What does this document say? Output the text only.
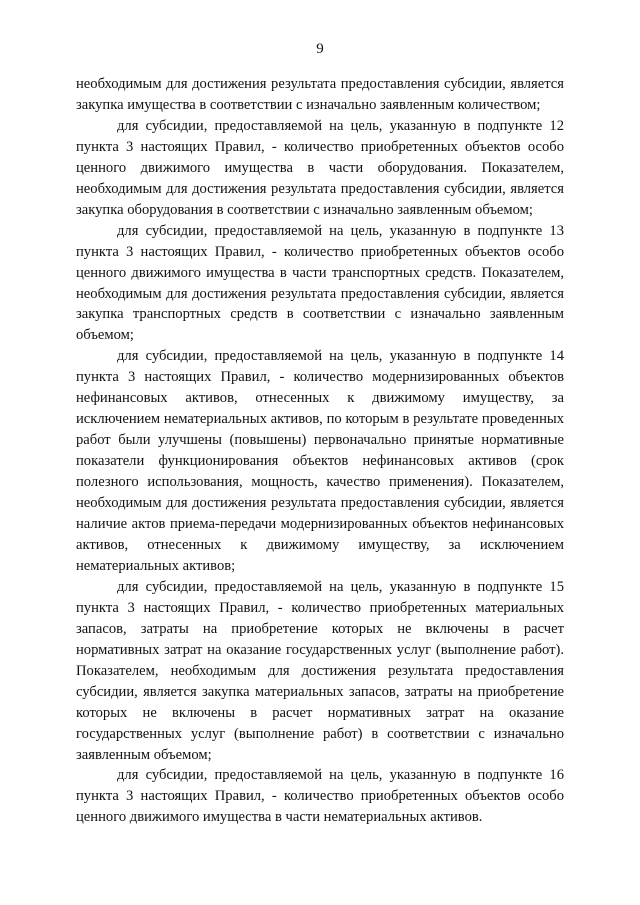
9

необходимым для достижения результата предоставления субсидии, является закупка имущества в соответствии с изначально заявленным количеством;

для субсидии, предоставляемой на цель, указанную в подпункте 12 пункта 3 настоящих Правил, - количество приобретенных объектов особо ценного движимого имущества в части оборудования. Показателем, необходимым для достижения результата предоставления субсидии, является закупка оборудования в соответствии с изначально заявленным объемом;

для субсидии, предоставляемой на цель, указанную в подпункте 13 пункта 3 настоящих Правил, - количество приобретенных объектов особо ценного движимого имущества в части транспортных средств. Показателем, необходимым для достижения результата предоставления субсидии, является закупка транспортных средств в соответствии с изначально заявленным объемом;

для субсидии, предоставляемой на цель, указанную в подпункте 14 пункта 3 настоящих Правил, - количество модернизированных объектов нефинансовых активов, отнесенных к движимому имуществу, за исключением нематериальных активов, по которым в результате проведенных работ были улучшены (повышены) первоначально принятые нормативные показатели функционирования объектов нефинансовых активов (срок полезного использования, мощность, качество применения). Показателем, необходимым для достижения результата предоставления субсидии, является наличие актов приема-передачи модернизированных объектов нефинансовых активов, отнесенных к движимому имуществу, за исключением нематериальных активов;

для субсидии, предоставляемой на цель, указанную в подпункте 15 пункта 3 настоящих Правил, - количество приобретенных материальных запасов, затраты на приобретение которых не включены в расчет нормативных затрат на оказание государственных услуг (выполнение работ). Показателем, необходимым для достижения результата предоставления субсидии, является закупка материальных запасов, затраты на приобретение которых не включены в расчет нормативных затрат на оказание государственных услуг (выполнение работ) в соответствии с изначально заявленным объемом;

для субсидии, предоставляемой на цель, указанную в подпункте 16 пункта 3 настоящих Правил, - количество приобретенных объектов особо ценного движимого имущества в части нематериальных активов.
